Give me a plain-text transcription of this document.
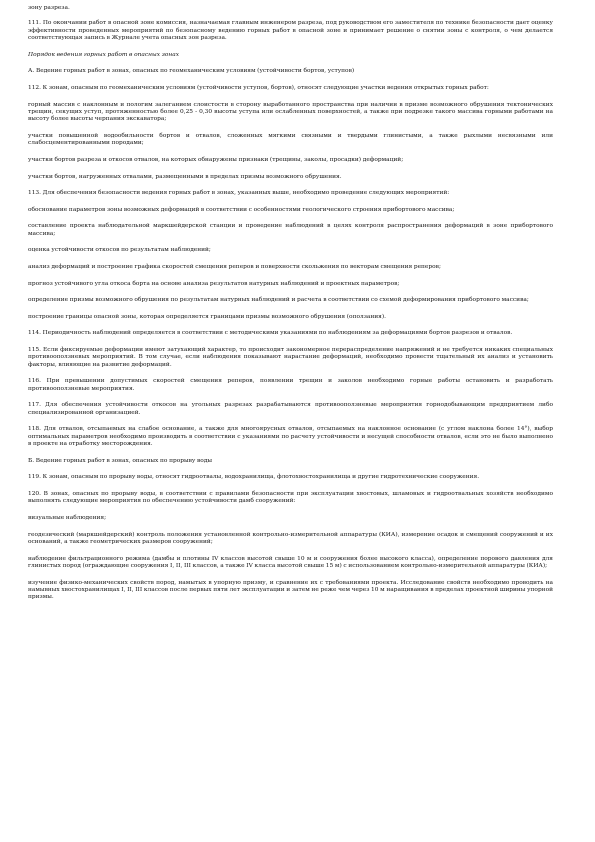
зону разреза.

111. По окончании работ в опасной зоне комиссия, назначаемая главным инженером разреза, под руководством его заместителя по технике безопасности дает оценку эффективности проведенных мероприятий по безопасному ведению горных работ в опасной зоне и принимает решение о снятии зоны с контроля, о чем делается соответствующая запись в Журнале учета опасных зон разреза.

Порядок ведения горных работ в опасных зонах

А. Ведение горных работ в зонах, опасных по геомеханическим условиям (устойчивости бортов, уступов)

112. К зонам, опасным по геомеханическим условиям (устойчивости уступов, бортов), относят следующие участки ведения открытых горных работ:

горный массив с наклонным и пологим залеганием слоистости в сторону выработанного пространства при наличии в призме возможного обрушения тектонических трещин, секущих уступ, протяженностью более 0,25 - 0,30 высоты уступа или ослабленных поверхностей, а также при подрезке такого массива горными работами на высоту более высоты черпания экскаватора;

участки повышенной водообильности бортов и отвалов, сложенных мягкими связными и твердыми глинистыми, а также рыхлыми несвязными или слабосцементированными породами;

участки бортов разреза и откосов отвалов, на которых обнаружены признаки (трещины, заколы, просадки) деформаций;

участки бортов, нагруженных отвалами, размещенными в пределах призмы возможного обрушения.

113. Для обеспечения безопасности ведения горных работ в зонах, указанных выше, необходимо проведение следующих мероприятий:

обоснование параметров зоны возможных деформаций в соответствии с особенностями геологического строения прибортового массива;

составление проекта наблюдательной маркшейдерской станции и проведение наблюдений в целях контроля распространения деформаций в зоне прибортового массива;

оценка устойчивости откосов по результатам наблюдений;

анализ деформаций и построение графика скоростей смещения реперов и поверхности скольжения по векторам смещения реперов;

прогноз устойчивого угла откоса борта на основе анализа результатов натурных наблюдений и проектных параметров;

определение призмы возможного обрушения по результатам натурных наблюдений и расчета в соответствии со схемой деформирования прибортового массива;

построение границы опасной зоны, которая определяется границами призмы возможного обрушения (оползания).

114. Периодичность наблюдений определяется в соответствии с методическими указаниями по наблюдениям за деформациями бортов разрезов и отвалов.

115. Если фиксируемые деформации имеют затухающий характер, то происходит закономерное перераспределение напряжений и не требуется никаких специальных противооползневых мероприятий. В том случае, если наблюдения показывают нарастание деформаций, необходимо провести тщательный их анализ и установить факторы, влияющие на развитие деформаций.

116. При превышении допустимых скоростей смещения реперов, появлении трещин и заколов необходимо горные работы остановить и разработать противооползневые мероприятия.

117. Для обеспечения устойчивости откосов на угольных разрезах разрабатываются противооползневые мероприятия горнодобывающим предприятием либо специализированной организацией.

118. Для отвалов, отсыпаемых на слабое основание, а также для многоярусных отвалов, отсыпаемых на наклонное основание (с углом наклона более 14°), выбор оптимальных параметров необходимо производить в соответствии с указаниями по расчету устойчивости и несущей способности отвалов, если это не было выполнено в проекте на отработку месторождения.

Б. Ведение горных работ в зонах, опасных по прорыву воды

119. К зонам, опасным по прорыву воды, относят гидроотвалы, водохранилища, флотохвостохранилища и другие гидротехнические сооружения.

120. В зонах, опасных по прорыву воды, в соответствии с правилами безопасности при эксплуатации хвостовых, шламовых и гидроотвальных хозяйств необходимо выполнять следующие мероприятия по обеспечению устойчивости дамб сооружений:

визуальные наблюдения;

геодезический (маркшейдерский) контроль положения установленной контрольно-измерительной аппаратуры (КИА), измерение осадок и смещений сооружений и их оснований, а также геометрических размеров сооружений;

наблюдение фильтрационного режима (дамбы и плотины IV классов высотой свыше 10 м и сооружения более высокого класса), определение порового давления для глинистых пород (ограждающие сооружения I, II, III классов, а также IV класса высотой свыше 15 м) с использованием контрольно-измерительной аппаратуры (КИА);

изучение физико-механических свойств пород, намытых в упорную призму, и сравнение их с требованиями проекта. Исследование свойств необходимо проводить на намывных хвостохранилищах I, II, III классов после первых пяти лет эксплуатации и затем не реже чем через 10 м наращивания в пределах проектной ширины упорной призмы.
